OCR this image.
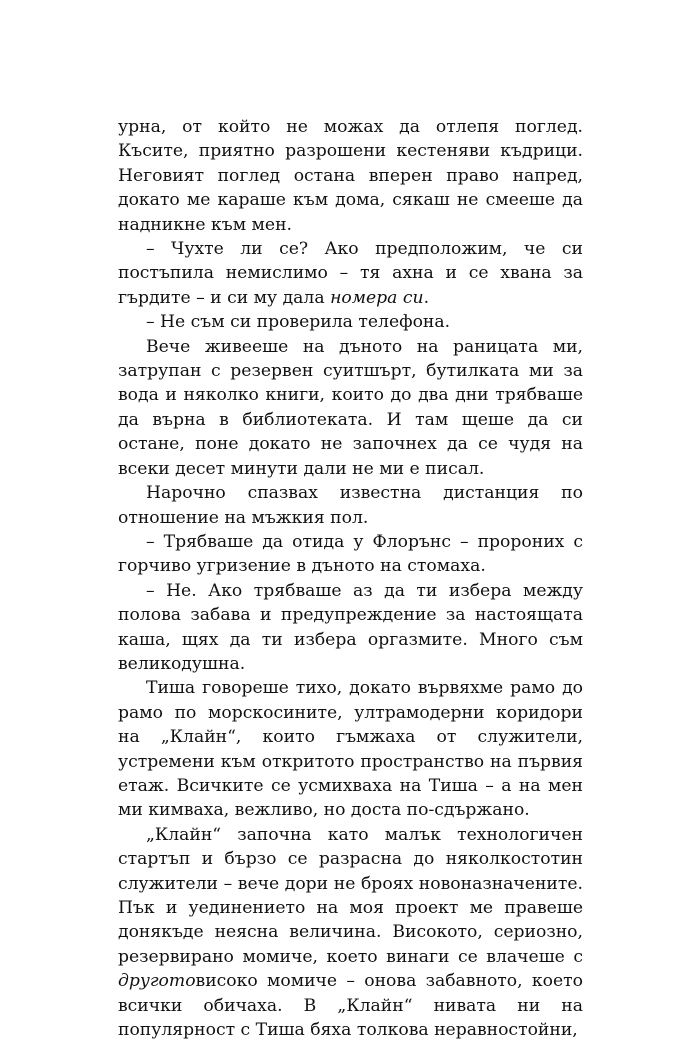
урна, от който не можах да отлепя поглед. Късите, приятно разрошени кестеняви къдрици. Неговият поглед остана вперен право напред, докато ме караше към дома, сякаш не смееше да надникне към мен.

– Чухте ли се? Ако предположим, че си постъпила немислимо – тя ахна и се хвана за гърдите – и си му дала номера си.

– Не съм си проверила телефона.

Вече живееше на дъното на раницата ми, затрупан с резервен суитшърт, бутилката ми за вода и няколко книги, които до два дни трябваше да върна в библиотеката. И там щеше да си остане, поне докато не започнех да се чудя на всеки десет минути дали не ми е писал.

Нарочно спазвах известна дистанция по отношение на мъжкия пол.

– Трябваше да отида у Флорънс – пророних с горчиво угризение в дъното на стомаха.

– Не. Ако трябваше аз да ти избера между полова забава и предупреждение за настоящата каша, щях да ти избера оргазмите. Много съм великодушна.

Тиша говореше тихо, докато вървяхме рамо до рамо по морскосините, ултрамодерни коридори на „Клайн“, които гъмжаха от служители, устремени към откритото пространство на първия етаж. Всичките се усмихваха на Тиша – а на мен ми кимваха, вежливо, но доста по-сдържано.

„Клайн“ започна като малък технологичен стартъп и бързо се разрасна до няколкостотин служители – вече дори не броях новоназначените. Пък и уединението на моя проект ме правеше донякъде неясна величина. Високото, сериозно, резервирано момиче, което винаги се влачеше с друготовисоко момиче – онова забавното, което всички обичаха. В „Клайн“ нивата ни на популярност с Тиша бяха толкова неравностойни,
